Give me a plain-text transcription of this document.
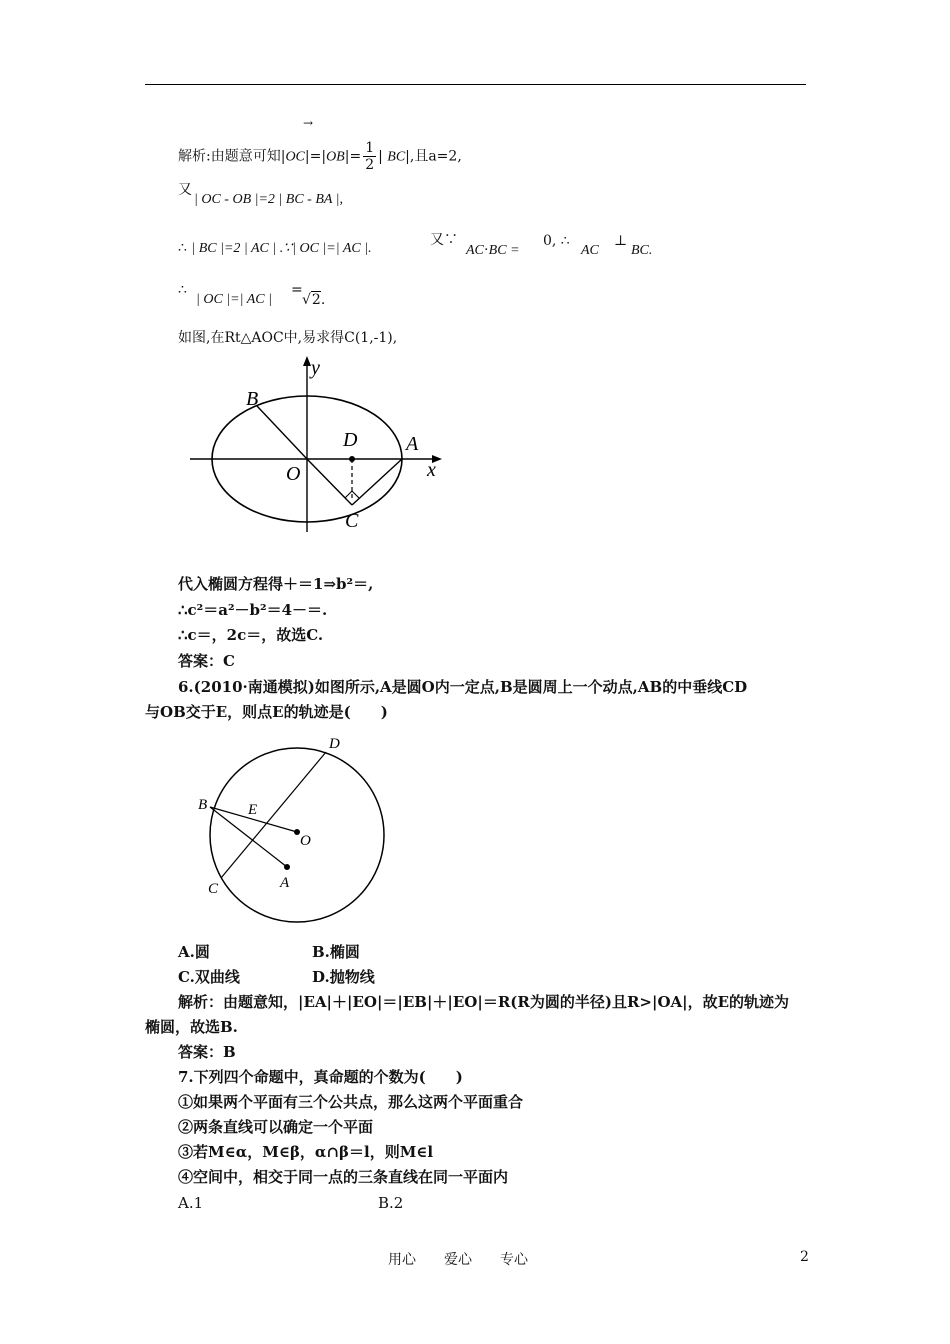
→
解析:由题意可知$|OC|=|OB|= \frac{1}{2}$ | BC|,且a=2,
又
| OC - OB |=2 | BC - BA |,
∴ | BC |=2 | AC | .∵| OC |=| AC |.
又∵
AC⋅BC =
0, ∴
AC
⊥
BC.
∴
| OC |=| AC |
=
√2.
如图,在Rt△AOC中,易求得C(1,-1),
y
x
B
D A
O
C
代入椭圆方程得＋＝1⇒b²＝,
∴c²＝a²－b²＝4－＝.
∴c＝，2c＝，故选C.
答案：C
6.(2010·南通模拟)如图所示,A是圆O内一定点,B是圆周上一个动点,AB的中垂线CD
与OB交于E，则点E的轨迹是(　　)
D
B	E
O
A
C
A.圆	B.椭圆
C.双曲线	D.抛物线
解析：由题意知，|EA|＋|EO|＝|EB|＋|EO|＝R(R为圆的半径)且R>|OA|，故E的轨迹为
椭圆，故选B.
答案：B
7.下列四个命题中，真命题的个数为(　　)
①如果两个平面有三个公共点，那么这两个平面重合
②两条直线可以确定一个平面
③若M∈α，M∈β，α∩β＝l，则M∈l
④空间中，相交于同一点的三条直线在同一平面内
A.1	B.2
用心　　爱心　　专心	2
